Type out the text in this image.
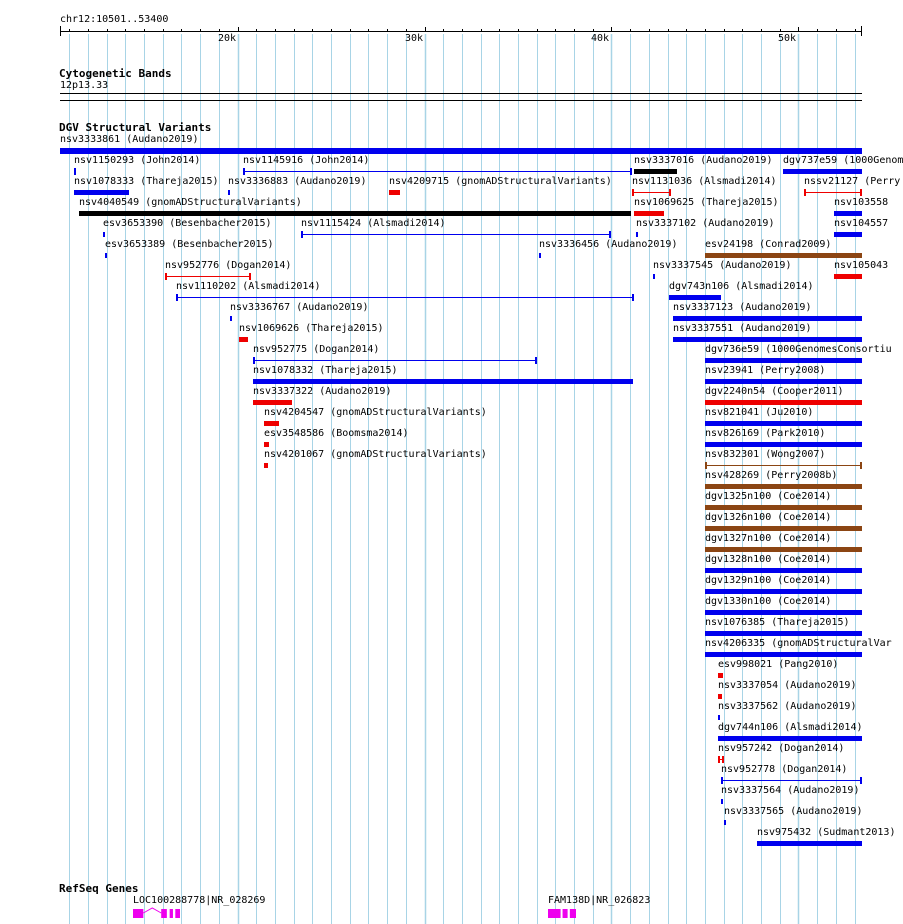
chr12:10501..53400
20k	30k	40k	50k
Cytogenetic Bands
12p13.33
DGV Structural Variants
nsv3333861 (Audano2019)
nsv1150293 (John2014)	nsv1145916 (John2014)	nsv3337016 (Audano2019) dgv737e59 (1000Genom
nsv1078333 (Thareja2015) nsv3336883 (Audano2019) nsv4209715 (gnomADStructuralVariants) nsv1131036 (Alsmadi2014)	nssv21127 (Perry
nsv4040549 (gnomADStructuralVariants)	nsv1069625 (Thareja2015)	nsv103558
esv3653390 (Besenbacher2015)	nsv1115424 (Alsmadi2014)	nsv3337102 (Audano2019)	nsv104557
esv3653389 (Besenbacher2015)	nsv3336456 (Audano2019)	esv24198 (Conrad2009)
nsv952776 (Dogan2014)	nsv3337545 (Audano2019)	nsv105043
nsv1110202 (Alsmadi2014)	dgv743n106 (Alsmadi2014)
nsv3336767 (Audano2019)	nsv3337123 (Audano2019)
nsv1069626 (Thareja2015)	nsv3337551 (Audano2019)
nsv952775 (Dogan2014)	dgv736e59 (1000GenomesConsortiu
nsv1078332 (Thareja2015)	nsv23941 (Perry2008)
nsv3337322 (Audano2019)	dgv2240n54 (Cooper2011)
nsv4204547 (gnomADStructuralVariants)	nsv821041 (Ju2010)
esv3548586 (Boomsma2014)	nsv826169 (Park2010)
nsv4201067 (gnomADStructuralVariants)	nsv832301 (Wong2007)
nsv428269 (Perry2008b)
dgv1325n100 (Coe2014)
dgv1326n100 (Coe2014)
dgv1327n100 (Coe2014)
dgv1328n100 (Coe2014)
dgv1329n100 (Coe2014)
dgv1330n100 (Coe2014)
nsv1076385 (Thareja2015)
nsv4206335 (gnomADStructuralVar
esv998021 (Pang2010)
nsv3337054 (Audano2019)
nsv3337562 (Audano2019)
dgv744n106 (Alsmadi2014)
nsv957242 (Dogan2014)
nsv952778 (Dogan2014)
nsv3337564 (Audano2019)
nsv3337565 (Audano2019)
nsv975432 (Sudmant2013)
RefSeq Genes
LOC100288778|NR_028269	FAM138D|NR_026823
